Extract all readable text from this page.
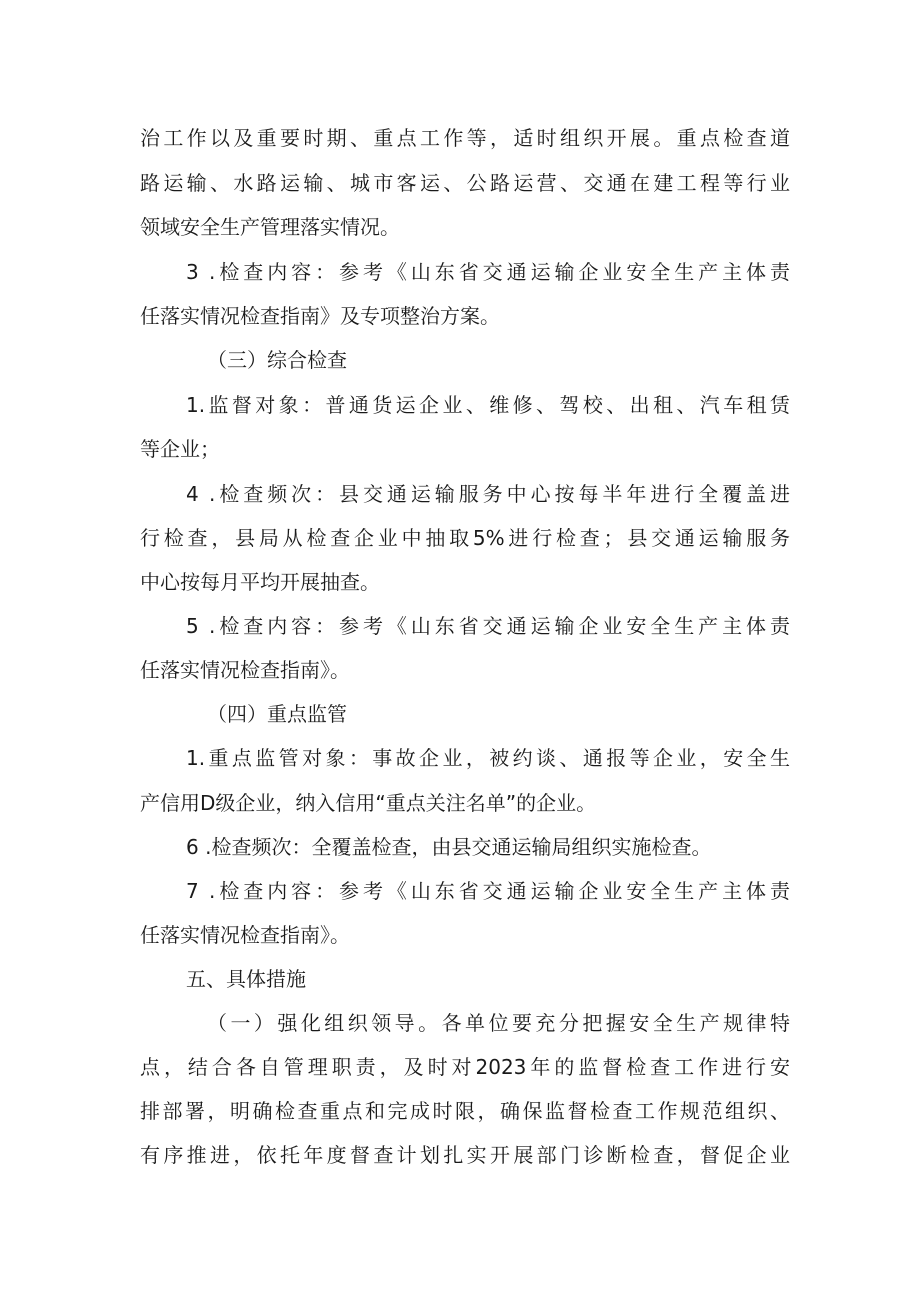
治工作以及重要时期、重点工作等，适时组织开展。重点检查道
路运输、水路运输、城市客运、公路运营、交通在建工程等行业
领域安全生产管理落实情况。
3 .检查内容：参考《山东省交通运输企业安全生产主体责
任落实情况检查指南》及专项整治方案。
（三）综合检查
1.监督对象：普通货运企业、维修、驾校、出租、汽车租赁
等企业；
4 .检查频次：县交通运输服务中心按每半年进行全覆盖进
行检查，县局从检查企业中抽取5%进行检查；县交通运输服务
中心按每月平均开展抽查。
5 .检查内容：参考《山东省交通运输企业安全生产主体责
任落实情况检查指南》。
（四）重点监管
1.重点监管对象：事故企业，被约谈、通报等企业，安全生
产信用D级企业，纳入信用“重点关注名单”的企业。
6 .检查频次：全覆盖检查，由县交通运输局组织实施检查。
7 .检查内容：参考《山东省交通运输企业安全生产主体责
任落实情况检查指南》。
五、具体措施
（一）强化组织领导。各单位要充分把握安全生产规律特
点，结合各自管理职责，及时对2023年的监督检查工作进行安
排部署，明确检查重点和完成时限，确保监督检查工作规范组织、
有序推进，依托年度督查计划扎实开展部门诊断检查，督促企业
